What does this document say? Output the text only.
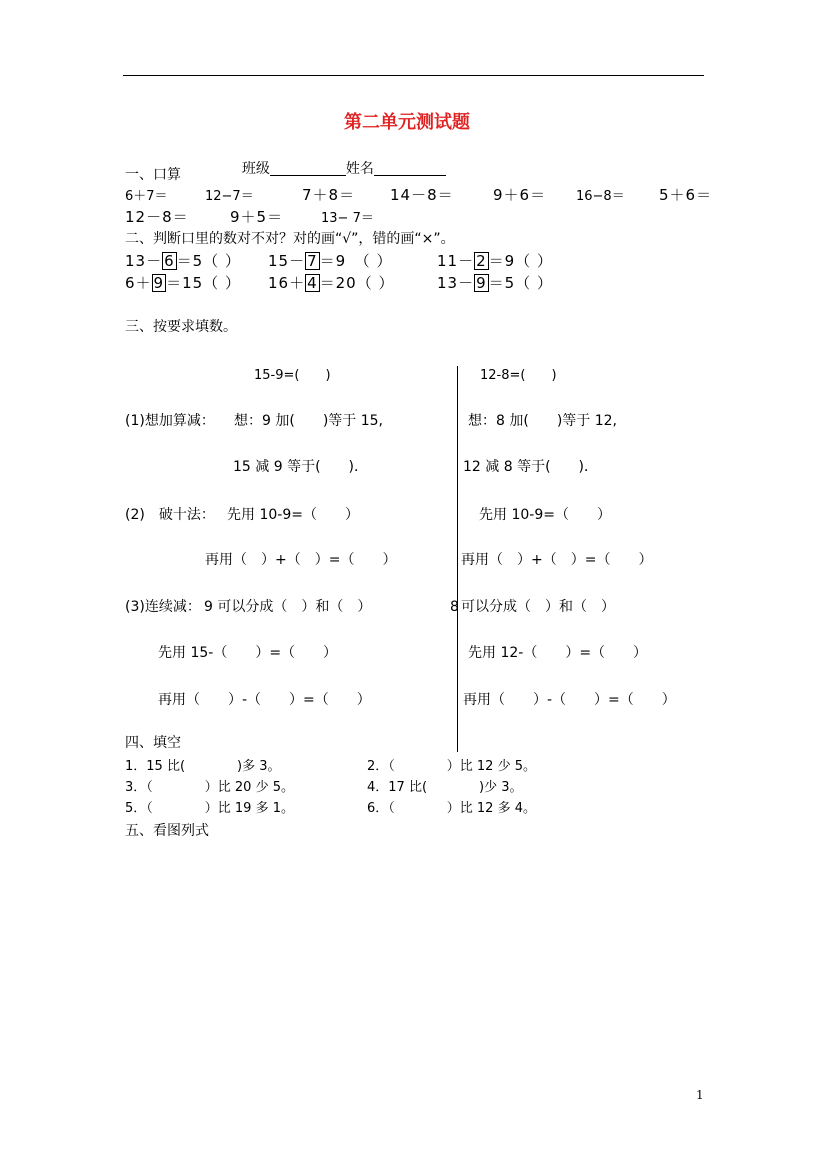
第二单元测试题

班级	姓名

一、口算
6＋7＝	12−7＝	7＋8＝ 14－8＝	9＋6＝ 16−8＝ 5＋6＝
12－8＝	9＋5＝	13− 7＝
二、判断口里的数对不对？对的画“√”，错的画“×”。
13－ 6 ＝5（ ） 15－ 7 ＝9　（ ）	11－ 2 ＝9（ ）
6＋ 9 ＝15（ ） 16＋ 4 ＝20（ ）	13－ 9 ＝5（ ）
三、按要求填数。
15-9=(　　)	12-8=(　　)
(1)想加算减： 想：9 加(　　)等于 15,	想：8 加(　　)等于 12,
15 减 9 等于(　　)．	12 减 8 等于(　　)．
(2)　破十法： 先用 10-9=（　　）	先用 10-9=（　　）
再用（　）+（　）=（　　）	再用（　）+（　）=（　　）
(3)连续减： 9 可以分成（　）和（　）	8 可以分成（　）和（　）
先用 15-（　　）=（　　）	先用 12-（　　）=（　　）
再用（　　）-（　　）=（　　）	再用（　　）-（　　）=（　　）
四、填空
1．15 比(　　　　)多 3。	2．（　　　　）比 12 少 5。
3．（　　　　）比 20 少 5。	4．17 比(　　　　)少 3。
5．（　　　　）比 19 多 1。	6．（　　　　）比 12 多 4。
五、看图列式
1
